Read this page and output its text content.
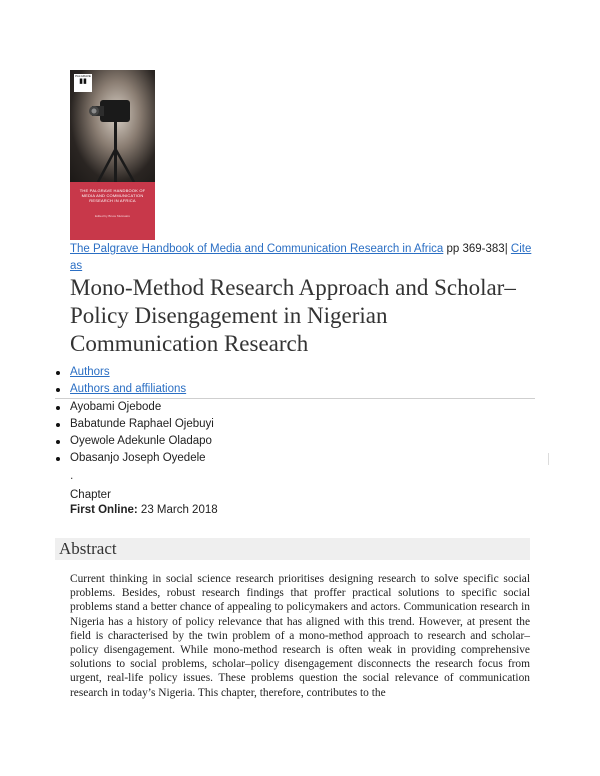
PALGRAVE
▮▮
THE PALGRAVE HANDBOOK OF MEDIA AND COMMUNICATION RESEARCH IN AFRICA
Edited by Bruce Mutsvairo
The Palgrave Handbook of Media and Communication Research in Africa pp 369-383| Cite as
Mono-Method Research Approach and Scholar–Policy Disengagement in Nigerian Communication Research
Authors
Authors and affiliations
Ayobami Ojebode
Babatunde Raphael Ojebuyi
Oyewole Adekunle Oladapo
Obasanjo Joseph Oyedele
.
Chapter
First Online: 23 March 2018
Abstract
Current thinking in social science research prioritises designing research to solve specific social problems. Besides, robust research findings that proffer practical solutions to specific social problems stand a better chance of appealing to policymakers and actors. Communication research in Nigeria has a history of policy relevance that has aligned with this trend. However, at present the field is characterised by the twin problem of a mono-method approach to research and scholar–policy disengagement. While mono-method research is often weak in providing comprehensive solutions to social problems, scholar–policy disengagement disconnects the research focus from urgent, real-life policy issues. These problems question the social relevance of communication research in today’s Nigeria. This chapter, therefore, contributes to the
